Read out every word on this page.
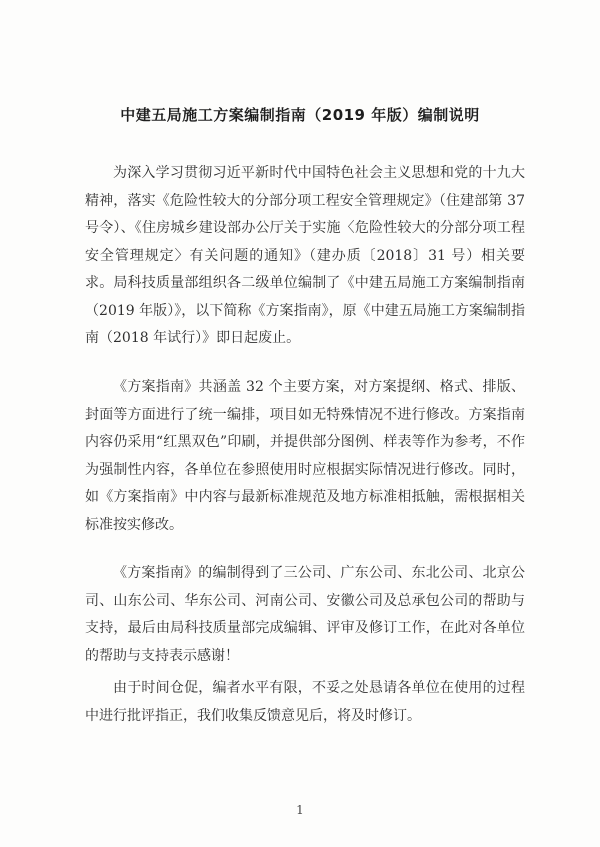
中建五局施工方案编制指南（2019 年版）编制说明

为深入学习贯彻习近平新时代中国特色社会主义思想和党的十九大精神，落实《危险性较大的分部分项工程安全管理规定》（住建部第 37 号令）、《住房城乡建设部办公厅关于实施〈危险性较大的分部分项工程安全管理规定〉有关问题的通知》（建办质〔2018〕31 号）相关要求。局科技质量部组织各二级单位编制了《中建五局施工方案编制指南（2019 年版）》，以下简称《方案指南》，原《中建五局施工方案编制指南（2018 年试行）》即日起废止。

《方案指南》共涵盖 32 个主要方案，对方案提纲、格式、排版、封面等方面进行了统一编排，项目如无特殊情况不进行修改。方案指南内容仍采用“红黑双色”印刷，并提供部分图例、样表等作为参考，不作为强制性内容，各单位在参照使用时应根据实际情况进行修改。同时，如《方案指南》中内容与最新标准规范及地方标准相抵触，需根据相关标准按实修改。

《方案指南》的编制得到了三公司、广东公司、东北公司、北京公司、山东公司、华东公司、河南公司、安徽公司及总承包公司的帮助与支持，最后由局科技质量部完成编辑、评审及修订工作，在此对各单位的帮助与支持表示感谢！

由于时间仓促，编者水平有限，不妥之处恳请各单位在使用的过程中进行批评指正，我们收集反馈意见后，将及时修订。

1
